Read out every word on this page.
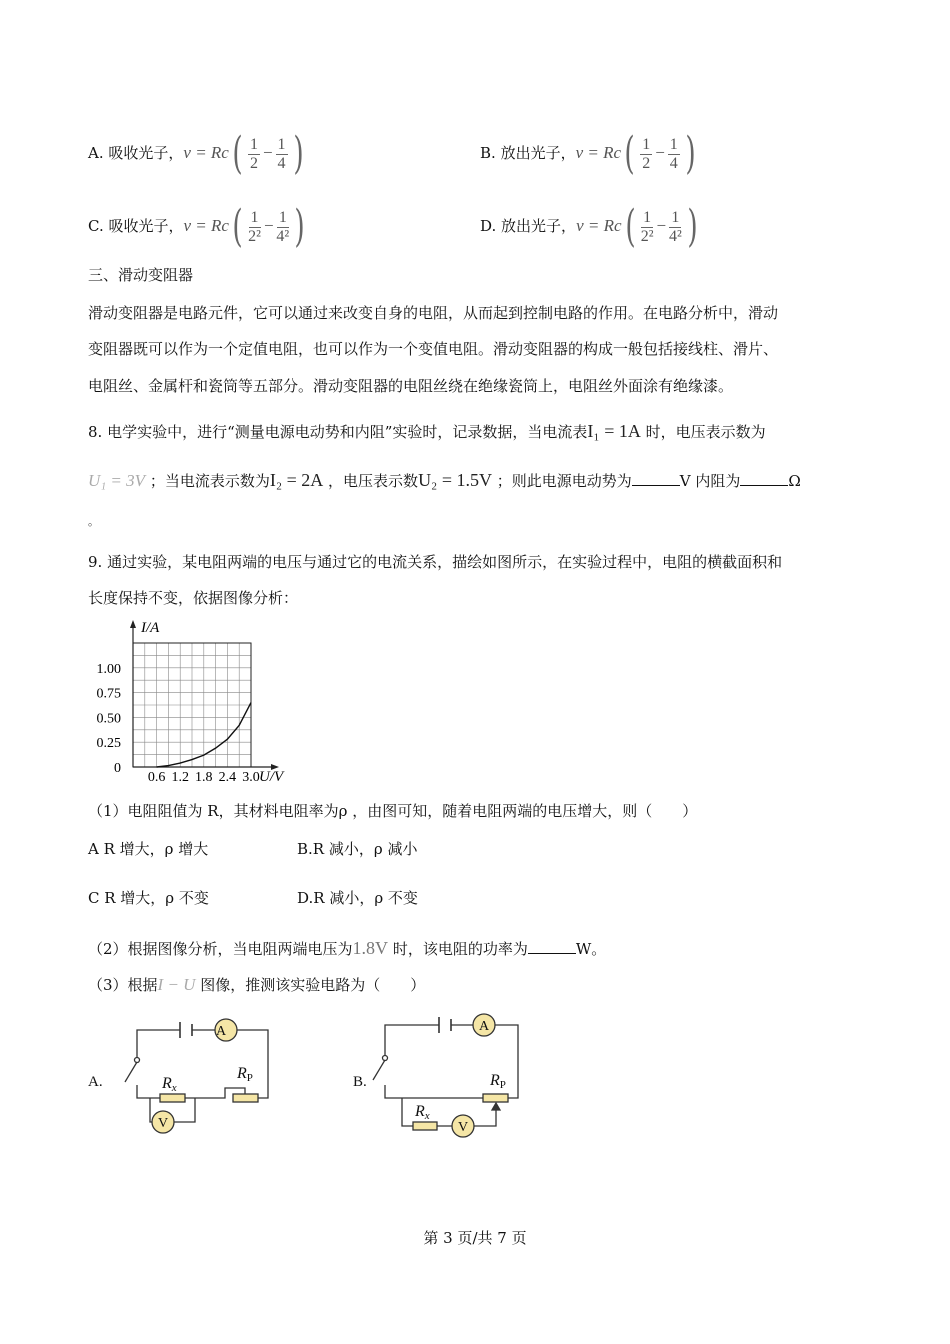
A. 吸收光子，$v = Rc( \frac{1}{2} - \frac{1}{4}$ )	B. 放出光子，$v = Rc( \frac{1}{2} - \frac{1}{4}$ )
C. 吸收光子，$v = Rc( \frac{1}{\text{2²}} - \frac{1}{\text{4²}}$ )	D. 放出光子，$v = Rc( \frac{1}{\text{2²}} - \frac{1}{\text{4²}}$ )
三、滑动变阻器
滑动变阻器是电路元件，它可以通过来改变自身的电阻，从而起到控制电路的作用。在电路分析中，滑动
变阻器既可以作为一个定值电阻，也可以作为一个变值电阻。滑动变阻器的构成一般包括接线柱、滑片、
电阻丝、金属杆和瓷筒等五部分。滑动变阻器的电阻丝绕在绝缘瓷筒上，电阻丝外面涂有绝缘漆。
8. 电学实验中，进行“测量电源电动势和内阻”实验时，记录数据，当电流表I₁ = 1A 时，电压表示数为
U₁ = 3V ；当电流表示数为I₂ = 2A ，电压表示数U₂ = 1.5V ；则此电源电动势为	V 内阻为	Ω
。
9. 通过实验，某电阻两端的电压与通过它的电流关系，描绘如图所示，在实验过程中，电阻的横截面积和
长度保持不变，依据图像分析：
0.6 1.2 1.8 2.4 3.0
1.00
0.75
0.50
0.25
0
I/A
U/V
（1）电阻阻值为 R，其材料电阻率为ρ ，由图可知，随着电阻两端的电压增大，则（　　）
A R 增大，ρ 增大	B.R 减小，ρ 减小
C R 增大，ρ 不变	D.R 减小，ρ 不变
（2）根据图像分析，当电阻两端电压为1.8V 时，该电阻的功率为	W。
（3）根据I − U 图像，推测该实验电路为（　　）
A.
A
V
Rx
RP	B.
A
V
Rx
RP
第 3 页/共 7 页
